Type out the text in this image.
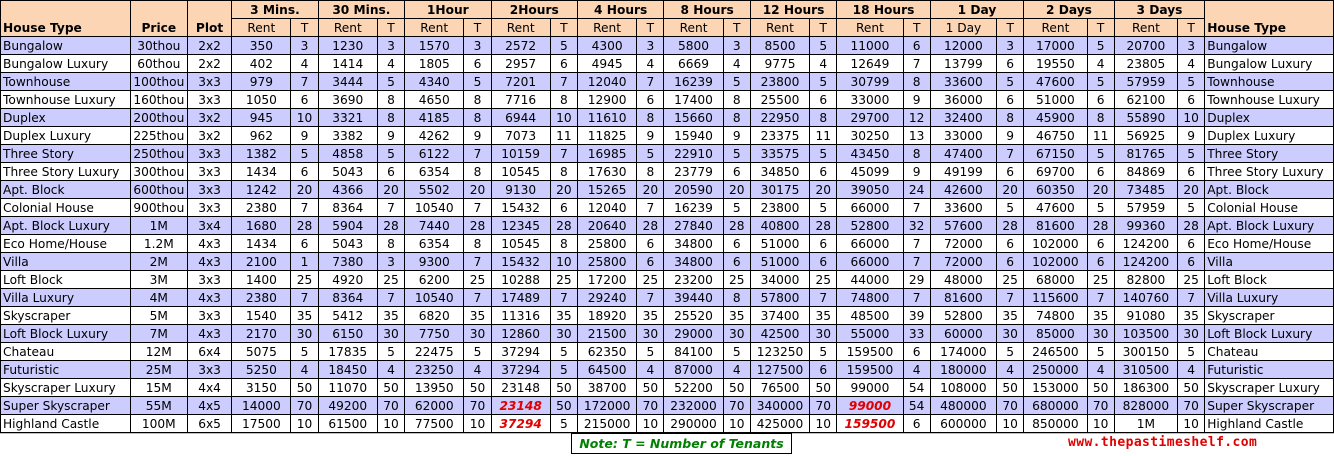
House Type	Price	Plot	3 Mins.		30 Mins.		1Hour		2Hours		4 Hours		8 Hours		12 Hours		18 Hours		1 Day		2 Days		3 Days		House Type
			Rent	T	Rent	T	Rent	T	Rent	T	Rent	T	Rent	T	Rent	T	Rent	T	1 Day	T	Rent	T	Rent	T	
Bungalow	30thou	2x2	350	3	1230	3	1570	3	2572	5	4300	3	5800	3	8500	5	11000	6	12000	3	17000	5	20700	3	Bungalow
Bungalow Luxury	60thou	2x2	402	4	1414	4	1805	6	2957	6	4945	4	6669	4	9775	4	12649	7	13799	6	19550	4	23805	4	Bungalow Luxury
Townhouse	100thou	3x3	979	7	3444	5	4340	5	7201	7	12040	7	16239	5	23800	5	30799	8	33600	5	47600	5	57959	5	Townhouse
Townhouse Luxury	160thou	3x3	1050	6	3690	8	4650	8	7716	8	12900	6	17400	8	25500	6	33000	9	36000	6	51000	6	62100	6	Townhouse Luxury
Duplex	200thou	3x2	945	10	3321	8	4185	8	6944	10	11610	8	15660	8	22950	8	29700	12	32400	8	45900	8	55890	10	Duplex
Duplex Luxury	225thou	3x2	962	9	3382	9	4262	9	7073	11	11825	9	15940	9	23375	11	30250	13	33000	9	46750	11	56925	9	Duplex Luxury
Three Story	250thou	3x3	1382	5	4858	5	6122	7	10159	7	16985	5	22910	5	33575	5	43450	8	47400	7	67150	5	81765	5	Three Story
Three Story Luxury	300thou	3x3	1434	6	5043	6	6354	8	10545	8	17630	8	23779	6	34850	6	45099	9	49199	6	69700	6	84869	6	Three Story Luxury
Apt. Block	600thou	3x3	1242	20	4366	20	5502	20	9130	20	15265	20	20590	20	30175	20	39050	24	42600	20	60350	20	73485	20	Apt. Block
Colonial House	900thou	3x3	2380	7	8364	7	10540	7	15432	6	12040	7	16239	5	23800	5	66000	7	33600	5	47600	5	57959	5	Colonial House
Apt. Block Luxury	1M	3x4	1680	28	5904	28	7440	28	12345	28	20640	28	27840	28	40800	28	52800	32	57600	28	81600	28	99360	28	Apt. Block Luxury
Eco Home/House	1.2M	4x3	1434	6	5043	8	6354	8	10545	8	25800	6	34800	6	51000	6	66000	7	72000	6	102000	6	124200	6	Eco Home/House
Villa	2M	4x3	2100	1	7380	3	9300	7	15432	10	25800	6	34800	6	51000	6	66000	7	72000	6	102000	6	124200	6	Villa
Loft Block	3M	3x3	1400	25	4920	25	6200	25	10288	25	17200	25	23200	25	34000	25	44000	29	48000	25	68000	25	82800	25	Loft Block
Villa Luxury	4M	4x3	2380	7	8364	7	10540	7	17489	7	29240	7	39440	8	57800	7	74800	7	81600	7	115600	7	140760	7	Villa Luxury
Skyscraper	5M	3x3	1540	35	5412	35	6820	35	11316	35	18920	35	25520	35	37400	35	48500	39	52800	35	74800	35	91080	35	Skyscraper
Loft Block Luxury	7M	4x3	2170	30	6150	30	7750	30	12860	30	21500	30	29000	30	42500	30	55000	33	60000	30	85000	30	103500	30	Loft Block Luxury
Chateau	12M	6x4	5075	5	17835	5	22475	5	37294	5	62350	5	84100	5	123250	5	159500	6	174000	5	246500	5	300150	5	Chateau
Futuristic	25M	3x3	5250	4	18450	4	23250	4	37294	5	64500	4	87000	4	127500	6	159500	4	180000	4	250000	4	310500	4	Futuristic
Skyscraper Luxury	15M	4x4	3150	50	11070	50	13950	50	23148	50	38700	50	52200	50	76500	50	99000	54	108000	50	153000	50	186300	50	Skyscraper Luxury
Super Skyscraper	55M	4x5	14000	70	49200	70	62000	70	23148	50	172000	70	232000	70	340000	70	99000	54	480000	70	680000	70	828000	70	Super Skyscraper
Highland Castle	100M	6x5	17500	10	61500	10	77500	10	37294	5	215000	10	290000	10	425000	10	159500	6	600000	10	850000	10	1M	10	Highland Castle
Note: T = Number of Tenants	www.thepastimeshelf.com
